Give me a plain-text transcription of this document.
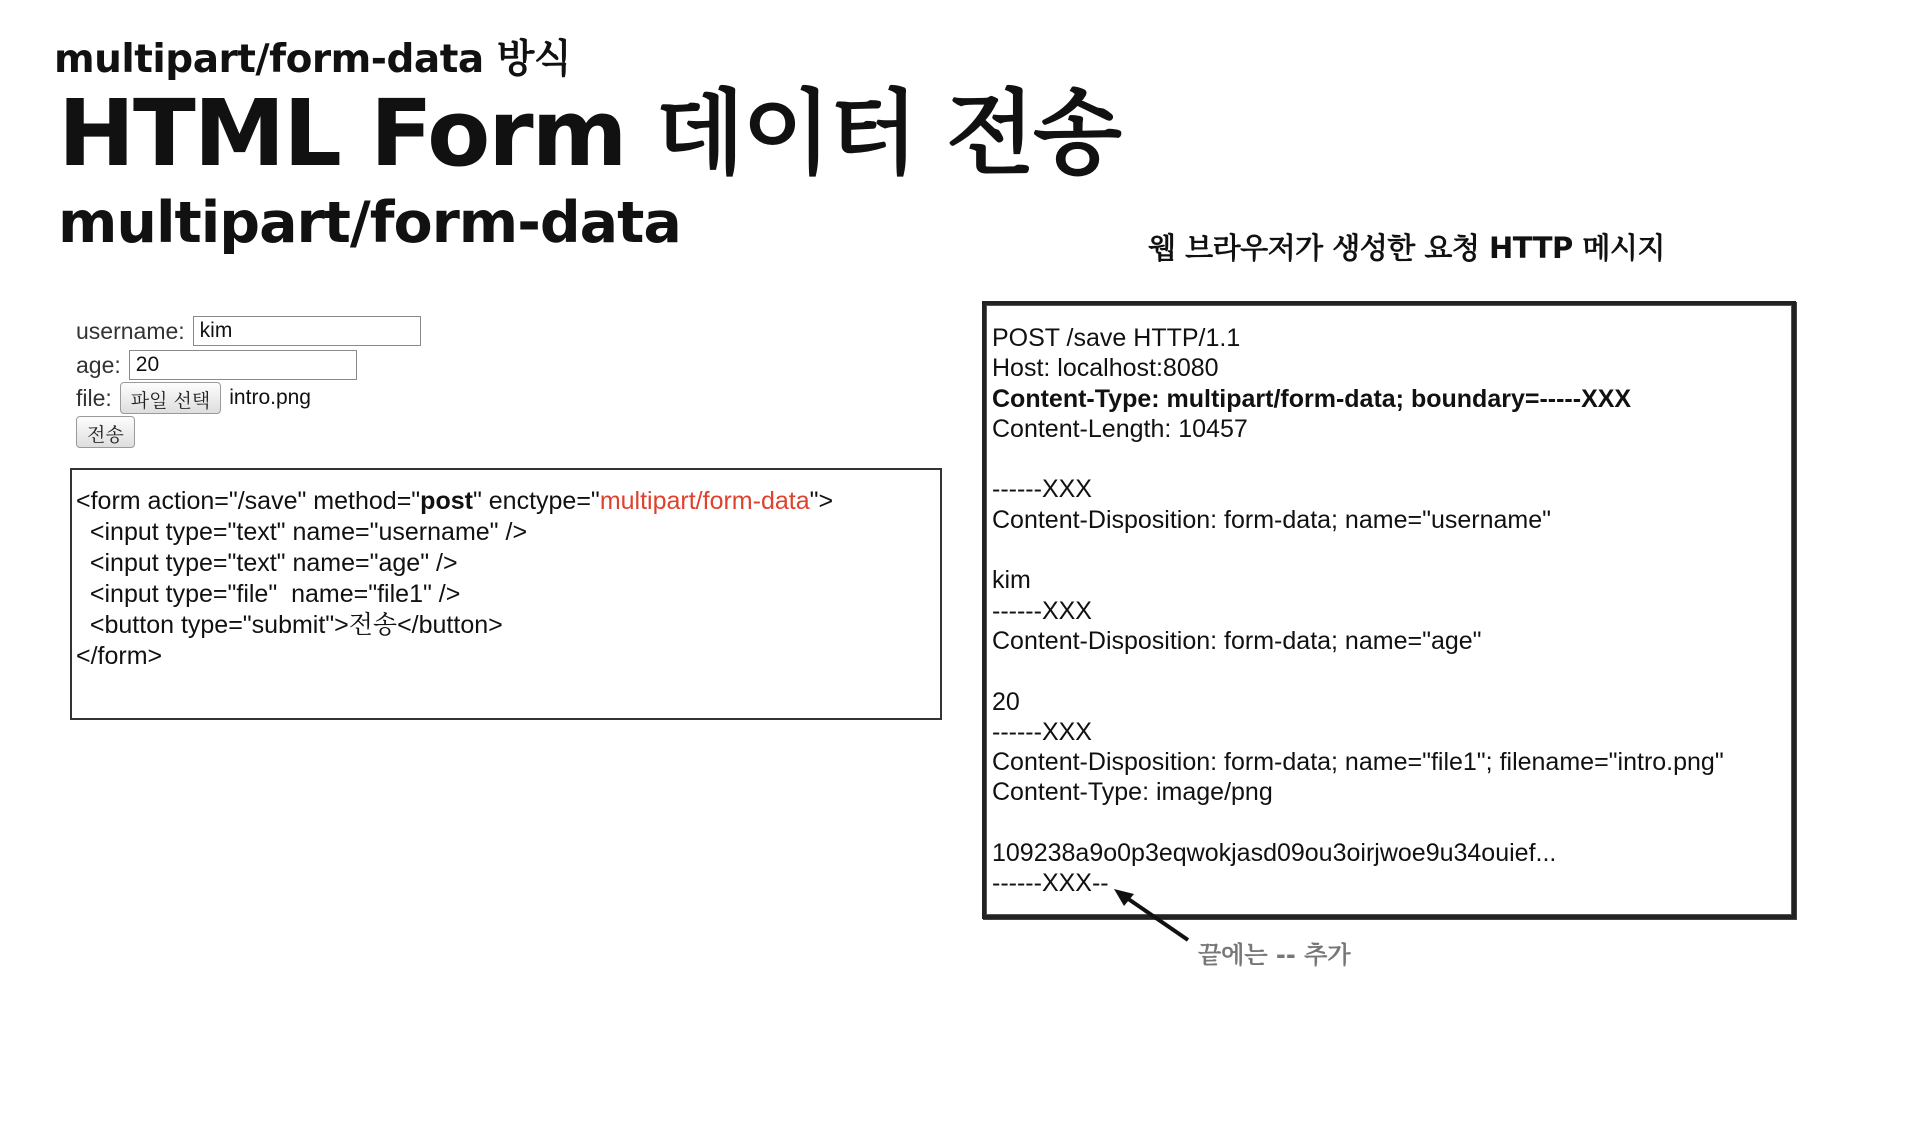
multipart/form-data 방식
HTML Form 데이터 전송
multipart/form-data
username:
kim
age:
20
file:	파일 선택 intro.png
전송
<form action="/save" method="post" enctype="multipart/form-data">
<input type="text" name="username" />
<input type="text" name="age" />
<input type="file"  name="file1" />
<button type="submit">전송</button>
</form>
웹 브라우저가 생성한 요청 HTTP 메시지
POST /save HTTP/1.1
Host: localhost:8080
Content-Type: multipart/form-data; boundary=-----XXX
Content-Length: 10457

------XXX
Content-Disposition: form-data; name="username"

kim
------XXX
Content-Disposition: form-data; name="age"

20
------XXX
Content-Disposition: form-data; name="file1"; filename="intro.png"
Content-Type: image/png

109238a9o0p3eqwokjasd09ou3oirjwoe9u34ouief...
------XXX--
끝에는 -- 추가
